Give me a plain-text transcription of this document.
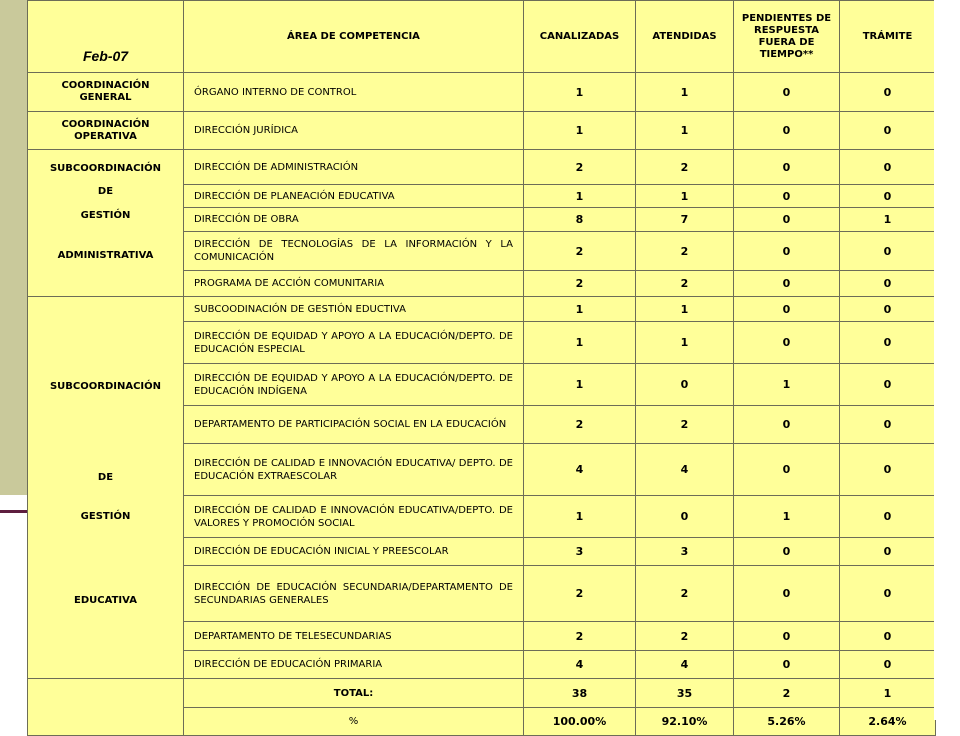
Feb-07	ÁREA DE COMPETENCIA	CANALIZADAS	ATENDIDAS	PENDIENTES DE RESPUESTA FUERA DE TIEMPO**	TRÁMITE
COORDINACIÓN GENERAL	ÓRGANO INTERNO DE CONTROL	1	1	0	0
COORDINACIÓN OPERATIVA	DIRECCIÓN JURÍDICA	1	1	0	0

SUBCOORDINACIÓN
DE
GESTIÓN
ADMINISTRATIVA	DIRECCIÓN DE ADMINISTRACIÓN	2	2	0	0
	DIRECCIÓN DE PLANEACIÓN EDUCATIVA	1	1	0	0
	DIRECCIÓN DE OBRA	8	7	0	1
	DIRECCIÓN DE TECNOLOGÍAS DE LA INFORMACIÓN Y LA COMUNICACIÓN	2	2	0	0
	PROGRAMA DE ACCIÓN COMUNITARIA	2	2	0	0

SUBCOORDINACIÓN
DE
GESTIÓN
EDUCATIVA	SUBCOODINACIÓN DE GESTIÓN EDUCTIVA	1	1	0	0
	DIRECCIÓN DE EQUIDAD Y APOYO A LA EDUCACIÓN/DEPTO. DE EDUCACIÓN ESPECIAL	1	1	0	0
	DIRECCIÓN DE EQUIDAD Y APOYO A LA EDUCACIÓN/DEPTO. DE EDUCACIÓN INDÍGENA	1	0	1	0
	DEPARTAMENTO DE PARTICIPACIÓN SOCIAL EN LA EDUCACIÓN	2	2	0	0
	DIRECCIÓN DE CALIDAD E INNOVACIÓN EDUCATIVA/ DEPTO. DE EDUCACIÓN EXTRAESCOLAR	4	4	0	0
	DIRECCIÓN DE CALIDAD E INNOVACIÓN EDUCATIVA/DEPTO. DE VALORES Y PROMOCIÓN SOCIAL	1	0	1	0
	DIRECCIÓN DE EDUCACIÓN INICIAL Y PREESCOLAR	3	3	0	0
	DIRECCIÓN DE EDUCACIÓN SECUNDARIA/DEPARTAMENTO DE SECUNDARIAS GENERALES	2	2	0	0
	DEPARTAMENTO DE TELESECUNDARIAS	2	2	0	0
	DIRECCIÓN DE EDUCACIÓN PRIMARIA	4	4	0	0
	TOTAL:	38	35	2	1
	%	100.00%	92.10%	5.26%	2.64%
